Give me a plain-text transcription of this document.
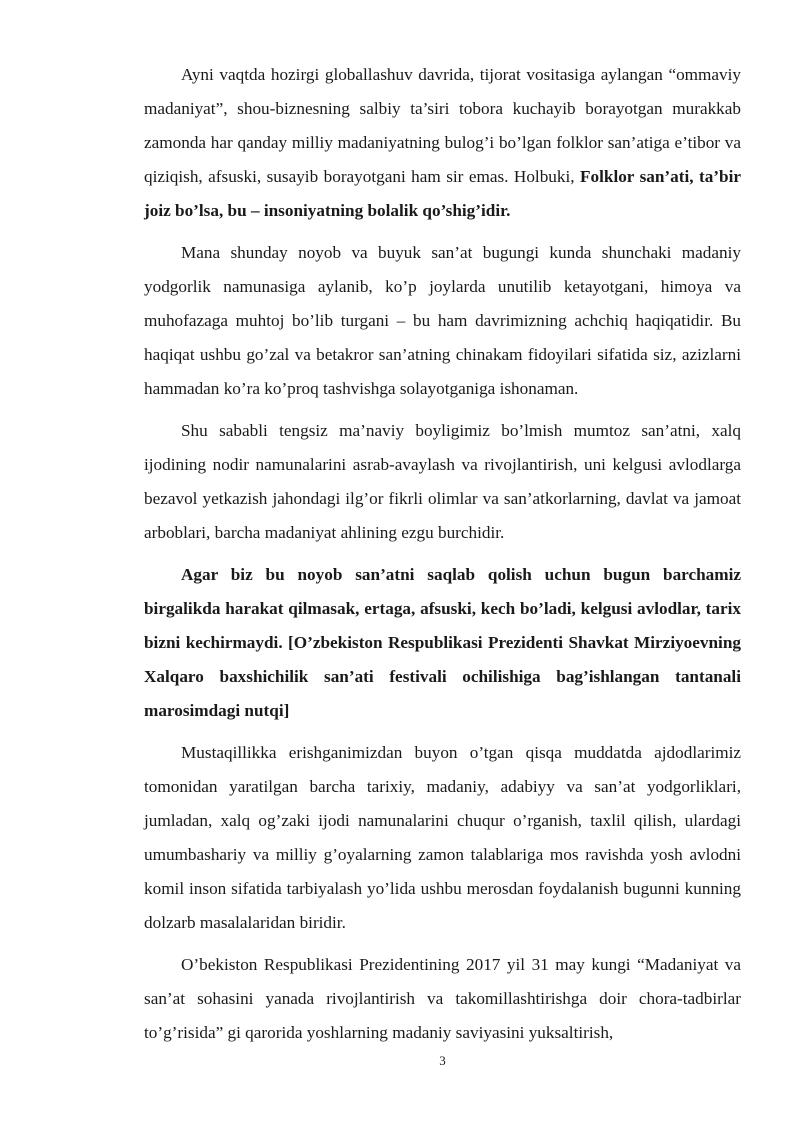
Ayni vaqtda hozirgi globallashuv davrida, tijorat vositasiga aylangan “ommaviy madaniyat”, shou-biznesning salbiy ta’siri tobora kuchayib borayotgan murakkab zamonda har qanday milliy madaniyatning bulog’i bo’lgan folklor san’atiga e’tibor va qiziqish, afsuski, susayib borayotgani ham sir emas. Holbuki, Folklor san’ati, ta’bir joiz bo’lsa, bu – insoniyatning bolalik qo’shig’idir.

Mana shunday noyob va buyuk san’at bugungi kunda shunchaki madaniy yodgorlik namunasiga aylanib, ko’p joylarda unutilib ketayotgani, himoya va muhofazaga muhtoj bo’lib turgani – bu ham davrimizning achchiq haqiqatidir. Bu haqiqat ushbu go’zal va betakror san’atning chinakam fidoyilari sifatida siz, azizlarni hammadan ko’ra ko’proq tashvishga solayotganiga ishonaman.

Shu sababli tengsiz ma’naviy boyligimiz bo’lmish mumtoz san’atni, xalq ijodining nodir namunalarini asrab-avaylash va rivojlantirish, uni kelgusi avlodlarga bezavol yetkazish jahondagi ilg’or fikrli olimlar va san’atkorlarning, davlat va jamoat arboblari, barcha madaniyat ahlining ezgu burchidir.

Agar biz bu noyob san’atni saqlab qolish uchun bugun barchamiz birgalikda harakat qilmasak, ertaga, afsuski, kech bo’ladi, kelgusi avlodlar, tarix bizni kechirmaydi. [O’zbekiston Respublikasi Prezidenti Shavkat Mirziyoevning Xalqaro baxshichilik san’ati festivali ochilishiga bag’ishlangan tantanali marosimdagi nutqi]

Mustaqillikka erishganimizdan buyon o’tgan qisqa muddatda ajdodlarimiz tomonidan yaratilgan barcha tarixiy, madaniy, adabiyy va san’at yodgorliklari, jumladan, xalq og’zaki ijodi namunalarini chuqur o’rganish, taxlil qilish, ulardagi umumbashariy va milliy g’oyalarning zamon talablariga mos ravishda yosh avlodni komil inson sifatida tarbiyalash yo’lida ushbu merosdan foydalanish bugunni kunning dolzarb masalalaridan biridir.

O’bekiston Respublikasi Prezidentining 2017 yil 31 may kungi “Madaniyat va san’at sohasini yanada rivojlantirish va takomillashtirishga doir chora-tadbirlar to’g’risida” gi qarorida yoshlarning madaniy saviyasini yuksaltirish,

3
